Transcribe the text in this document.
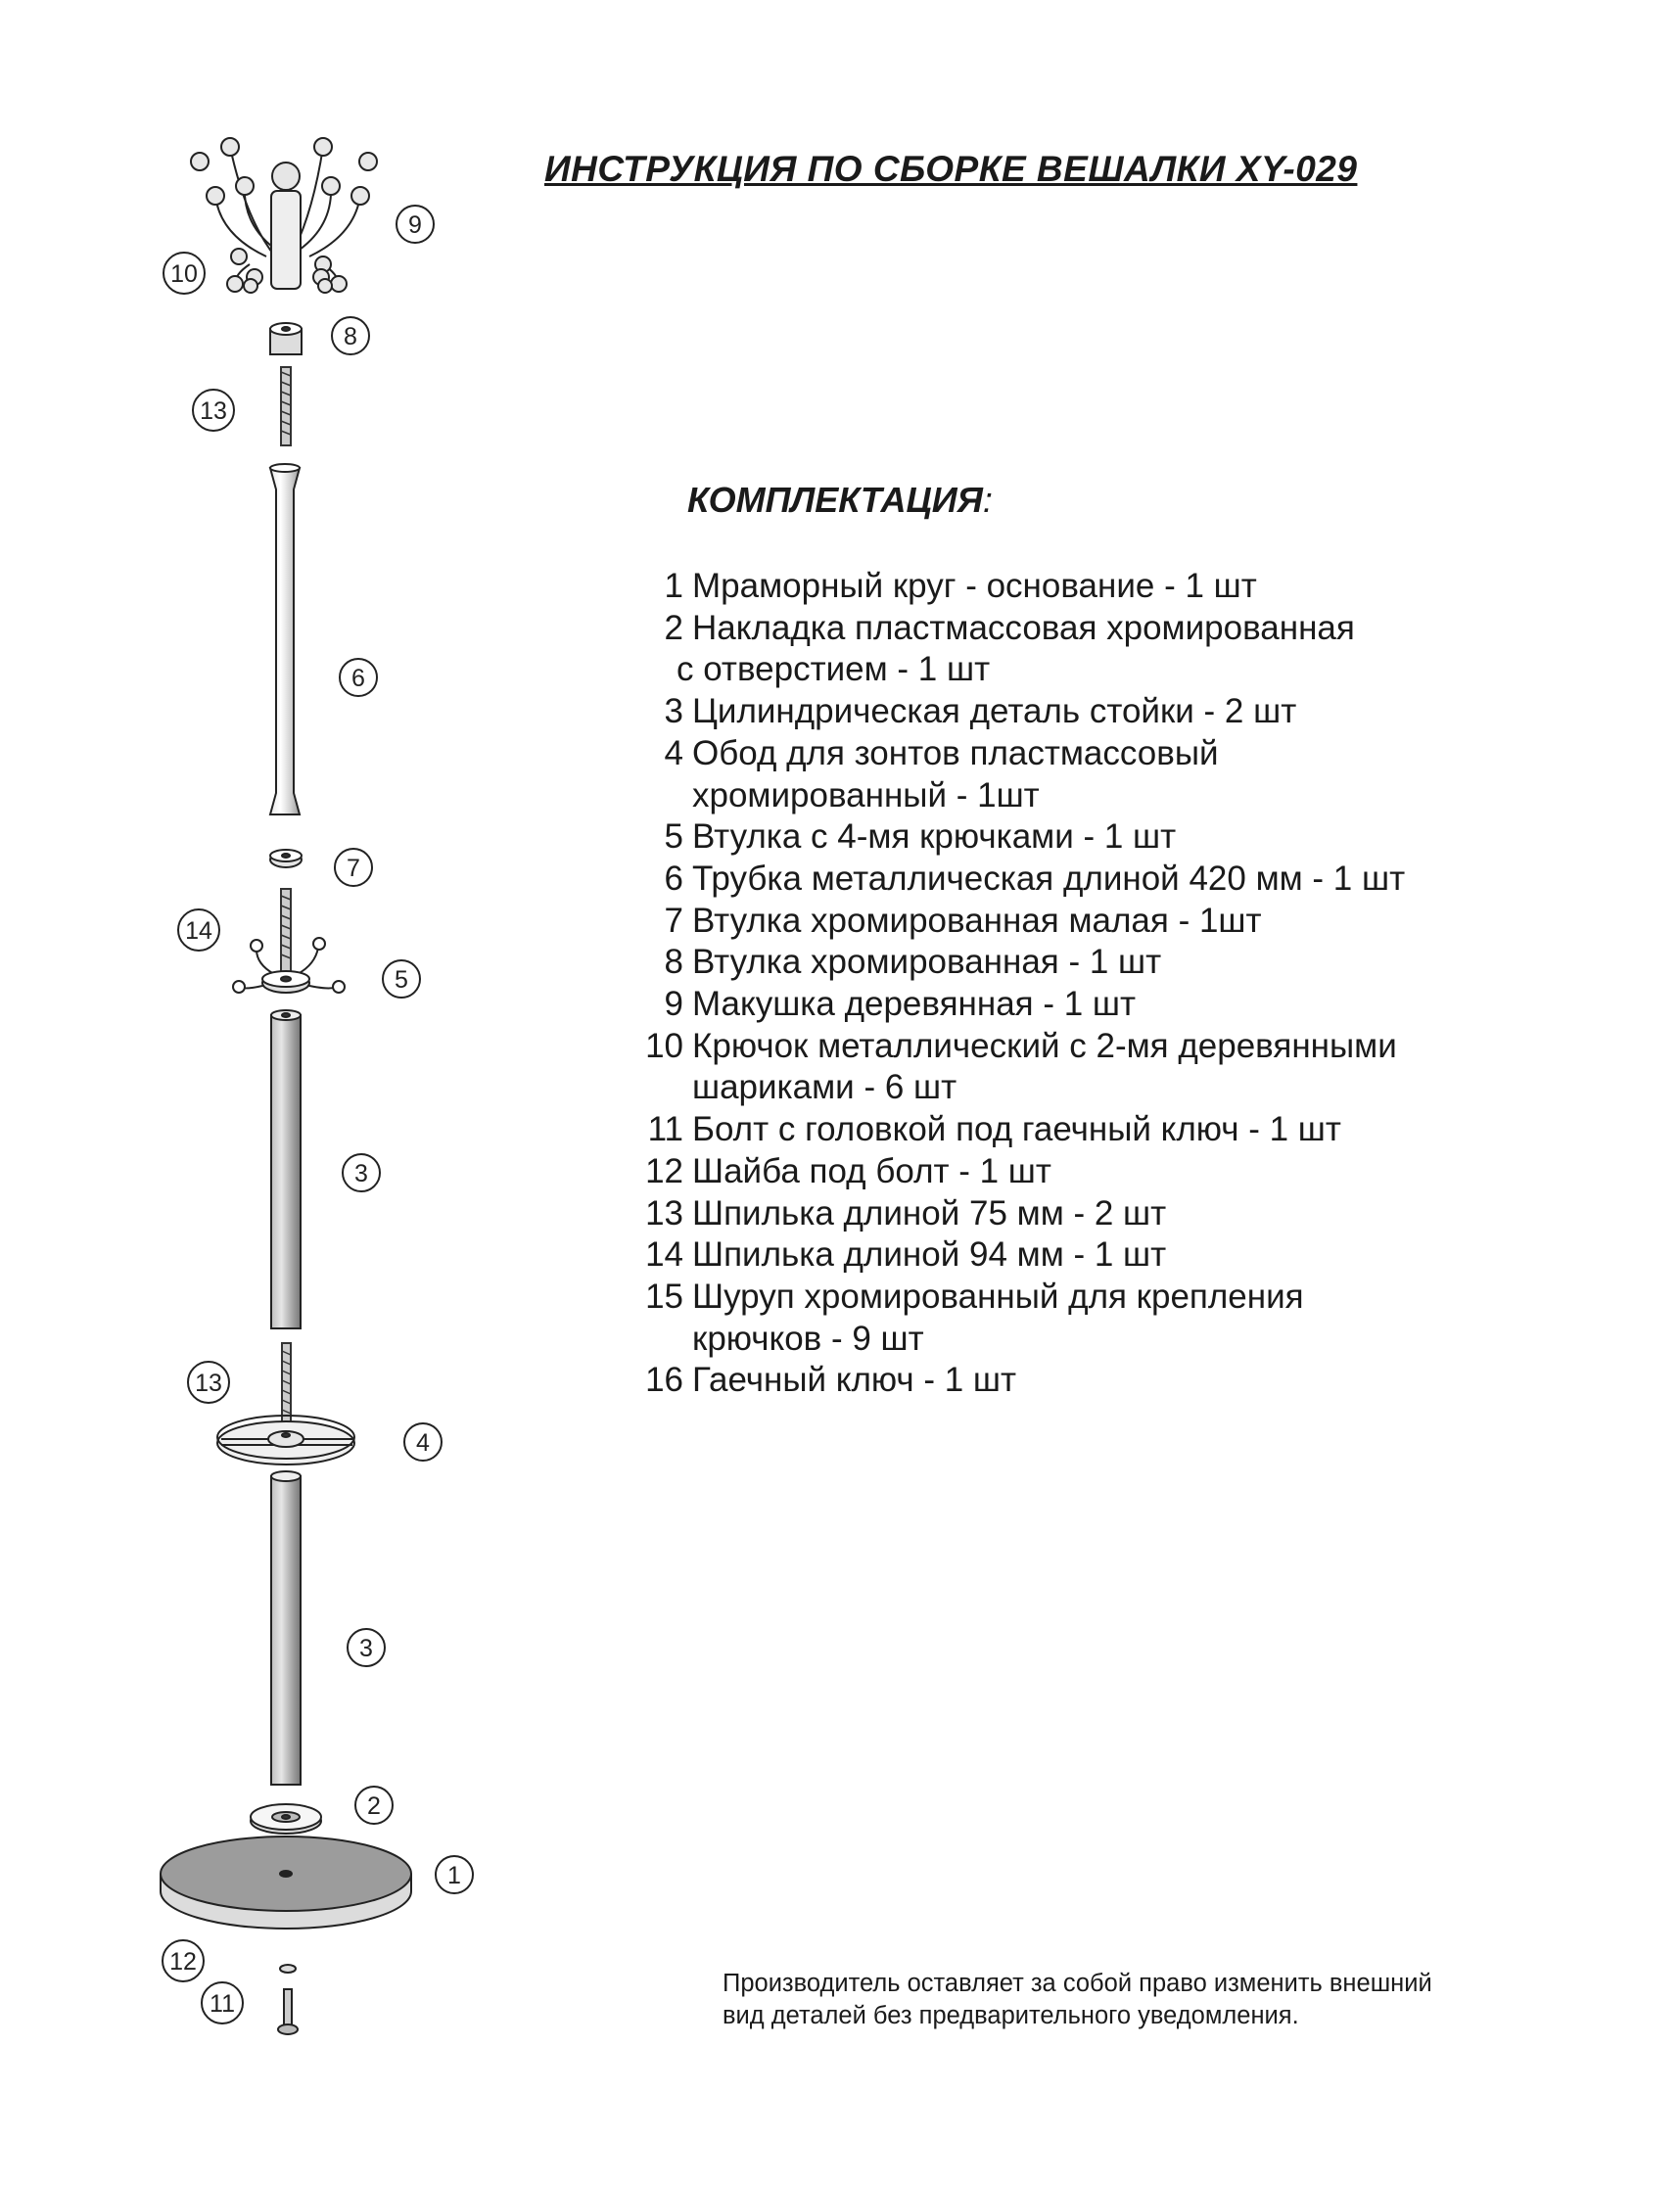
9
10
8
13
6
7
14
5
3
13
4
3
2
1
12
11
ИНСТРУКЦИЯ ПО СБОРКЕ ВЕШАЛКИ XY-029
КОМПЛЕКТАЦИЯ:
1 Мраморный круг - основание - 1 шт
2 Накладка пластмассовая хромированная
с отверстием - 1 шт
3 Цилиндрическая деталь стойки - 2 шт
4 Обод для зонтов пластмассовый
хромированный - 1шт
5 Втулка с 4-мя крючками - 1 шт
6 Трубка металлическая длиной 420 мм - 1 шт
7 Втулка хромированная малая - 1шт
8 Втулка хромированная - 1 шт
9 Макушка деревянная - 1 шт
10 Крючок металлический с 2-мя деревянными
шариками - 6 шт
11 Болт с головкой под гаечный ключ - 1 шт
12 Шайба под болт - 1 шт
13 Шпилька длиной 75 мм - 2 шт
14 Шпилька длиной 94 мм - 1 шт
15 Шуруп хромированный для крепления
крючков - 9 шт
16 Гаечный ключ - 1 шт
Производитель оставляет за собой право изменить внешний
вид деталей без предварительного уведомления.
